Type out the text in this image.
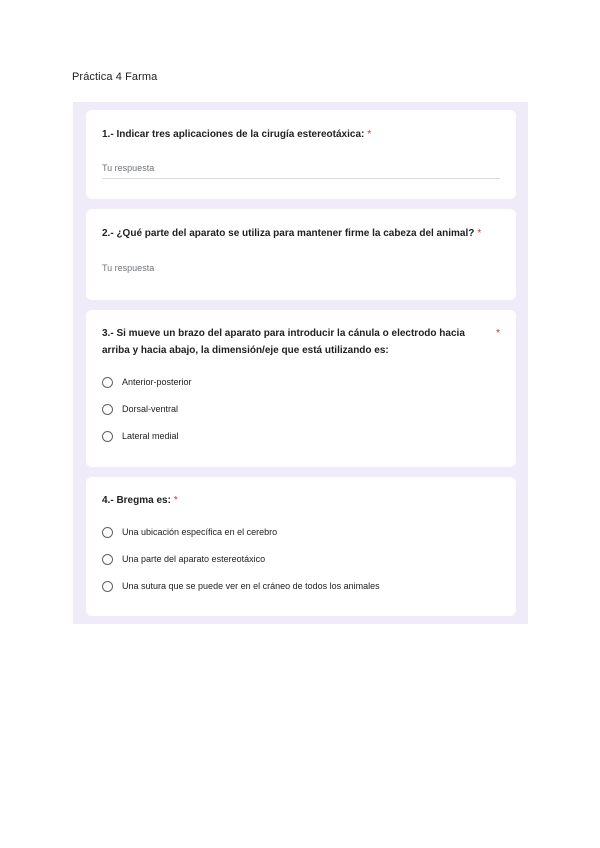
Práctica 4 Farma
1.- Indicar tres aplicaciones de la cirugía estereotáxica: *
Tu respuesta
2.- ¿Qué parte del aparato se utiliza para mantener firme la cabeza del animal? *
Tu respuesta
3.- Si mueve un brazo del aparato para introducir la cánula o electrodo hacia
arriba y hacia abajo, la dimensión/eje que está utilizando es:
*
Anterior-posterior
Dorsal-ventral
Lateral medial
4.- Bregma es: *
Una ubicación específica en el cerebro
Una parte del aparato estereotáxico
Una sutura que se puede ver en el cráneo de todos los animales
